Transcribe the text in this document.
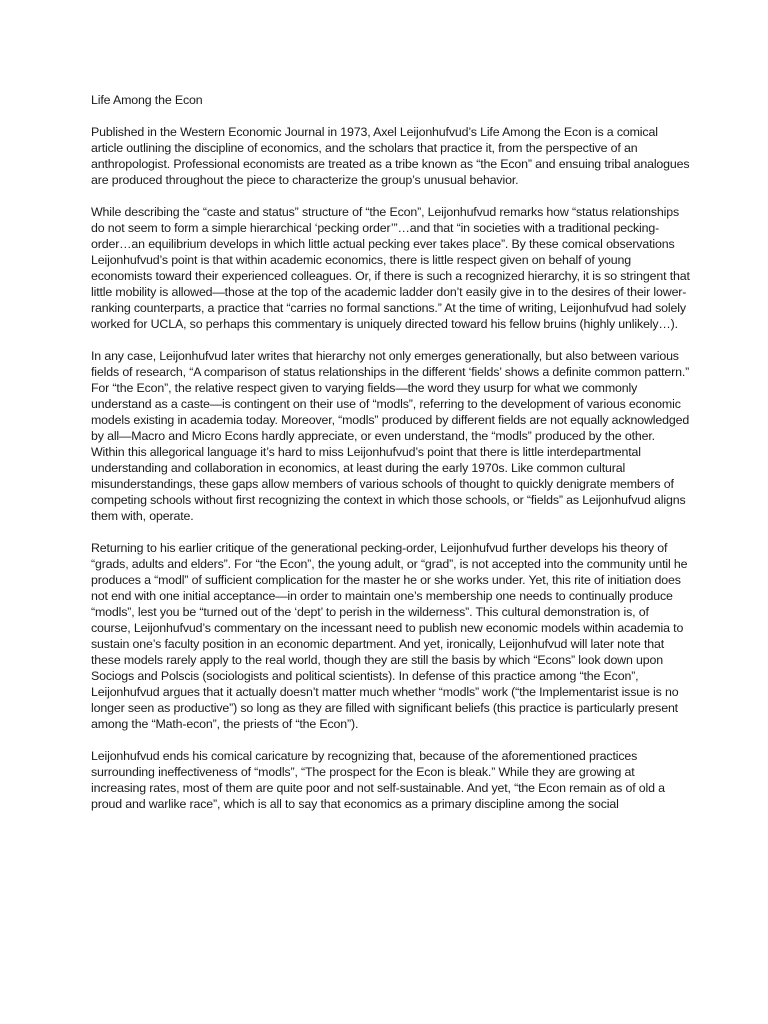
Life Among the Econ

Published in the Western Economic Journal in 1973, Axel Leijonhufvud’s Life Among the Econ is a comical article outlining the discipline of economics, and the scholars that practice it, from the perspective of an anthropologist. Professional economists are treated as a tribe known as “the Econ” and ensuing tribal analogues are produced throughout the piece to characterize the group’s unusual behavior.

While describing the “caste and status” structure of “the Econ”, Leijonhufvud remarks how “status relationships do not seem to form a simple hierarchical ‘pecking order’”…and that “in societies with a traditional pecking-order…an equilibrium develops in which little actual pecking ever takes place”. By these comical observations Leijonhufvud’s point is that within academic economics, there is little respect given on behalf of young economists toward their experienced colleagues. Or, if there is such a recognized hierarchy, it is so stringent that little mobility is allowed—those at the top of the academic ladder don’t easily give in to the desires of their lower-ranking counterparts, a practice that “carries no formal sanctions.” At the time of writing, Leijonhufvud had solely worked for UCLA, so perhaps this commentary is uniquely directed toward his fellow bruins (highly unlikely…).

In any case, Leijonhufvud later writes that hierarchy not only emerges generationally, but also between various fields of research, “A comparison of status relationships in the different ‘fields’ shows a definite common pattern.” For “the Econ”, the relative respect given to varying fields—the word they usurp for what we commonly understand as a caste—is contingent on their use of “modls”, referring to the development of various economic models existing in academia today. Moreover, “modls” produced by different fields are not equally acknowledged by all—Macro and Micro Econs hardly appreciate, or even understand, the “modls” produced by the other. Within this allegorical language it’s hard to miss Leijonhufvud’s point that there is little interdepartmental understanding and collaboration in economics, at least during the early 1970s. Like common cultural misunderstandings, these gaps allow members of various schools of thought to quickly denigrate members of competing schools without first recognizing the context in which those schools, or “fields” as Leijonhufvud aligns them with, operate.

Returning to his earlier critique of the generational pecking-order, Leijonhufvud further develops his theory of “grads, adults and elders”. For “the Econ”, the young adult, or “grad”, is not accepted into the community until he produces a “modl” of sufficient complication for the master he or she works under. Yet, this rite of initiation does not end with one initial acceptance—in order to maintain one’s membership one needs to continually produce “modls”, lest you be “turned out of the ‘dept’ to perish in the wilderness”. This cultural demonstration is, of course, Leijonhufvud’s commentary on the incessant need to publish new economic models within academia to sustain one’s faculty position in an economic department. And yet, ironically, Leijonhufvud will later note that these models rarely apply to the real world, though they are still the basis by which “Econs” look down upon Sociogs and Polscis (sociologists and political scientists). In defense of this practice among “the Econ”, Leijonhufvud argues that it actually doesn’t matter much whether “modls” work (“the Implementarist issue is no longer seen as productive”) so long as they are filled with significant beliefs (this practice is particularly present among the “Math-econ”, the priests of “the Econ”).

Leijonhufvud ends his comical caricature by recognizing that, because of the aforementioned practices surrounding ineffectiveness of “modls”, “The prospect for the Econ is bleak.” While they are growing at increasing rates, most of them are quite poor and not self-sustainable. And yet, “the Econ remain as of old a proud and warlike race”, which is all to say that economics as a primary discipline among the social
